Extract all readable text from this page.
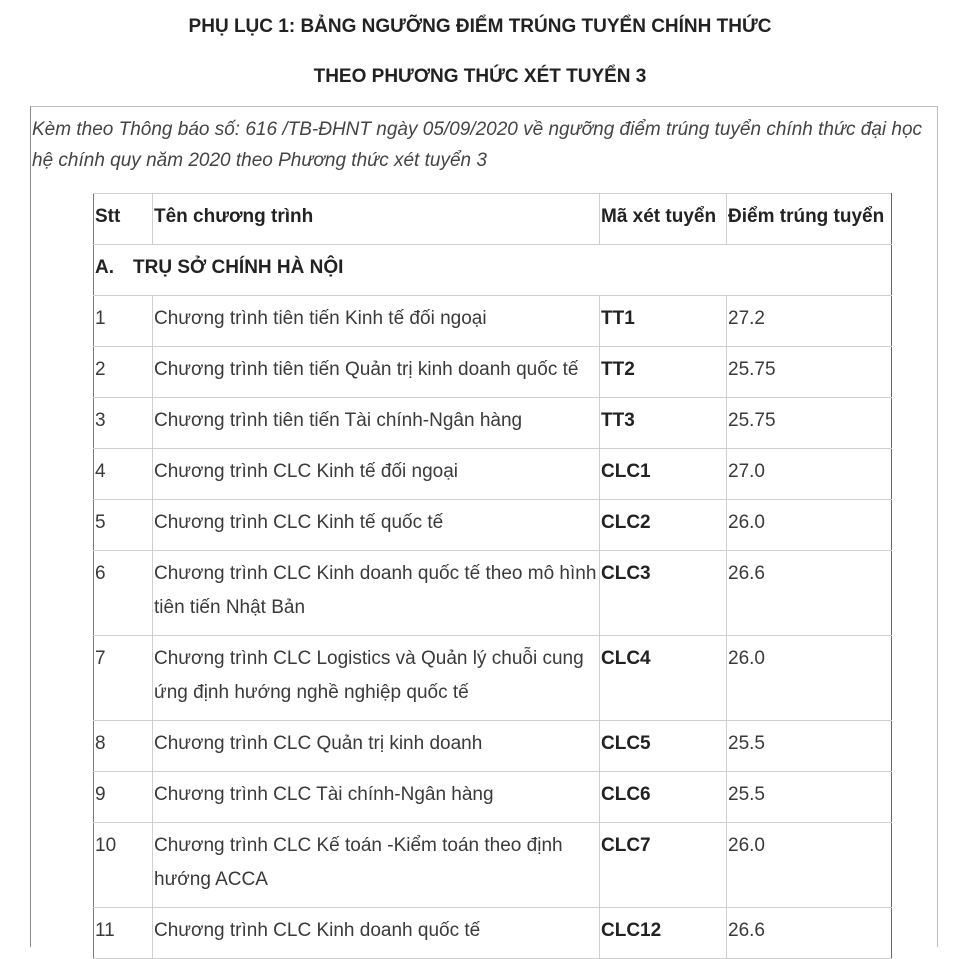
PHỤ LỤC 1: BẢNG NGƯỠNG ĐIỂM TRÚNG TUYỂN CHÍNH THỨC
THEO PHƯƠNG THỨC XÉT TUYỂN 3
Kèm theo Thông báo số: 616 /TB-ĐHNT ngày 05/09/2020 về ngưỡng điểm trúng tuyển chính thức đại học hệ chính quy năm 2020 theo Phương thức xét tuyển 3
Stt	Tên chương trình	Mã xét tuyển	Điểm trúng tuyển
A. TRỤ SỞ CHÍNH HÀ NỘI			
1	Chương trình tiên tiến Kinh tế đối ngoại	TT1	27.2
2	Chương trình tiên tiến Quản trị kinh doanh quốc tế	TT2	25.75
3	Chương trình tiên tiến Tài chính-Ngân hàng	TT3	25.75
4	Chương trình CLC Kinh tế đối ngoại	CLC1	27.0
5	Chương trình CLC Kinh tế quốc tế	CLC2	26.0
6	Chương trình CLC Kinh doanh quốc tế theo mô hình tiên tiến Nhật Bản	CLC3	26.6
7	Chương trình CLC Logistics và Quản lý chuỗi cung ứng định hướng nghề nghiệp quốc tế	CLC4	26.0
8	Chương trình CLC Quản trị kinh doanh	CLC5	25.5
9	Chương trình CLC Tài chính-Ngân hàng	CLC6	25.5
10	Chương trình CLC Kế toán -Kiểm toán theo định hướng ACCA	CLC7	26.0
11	Chương trình CLC Kinh doanh quốc tế	CLC12	26.6
